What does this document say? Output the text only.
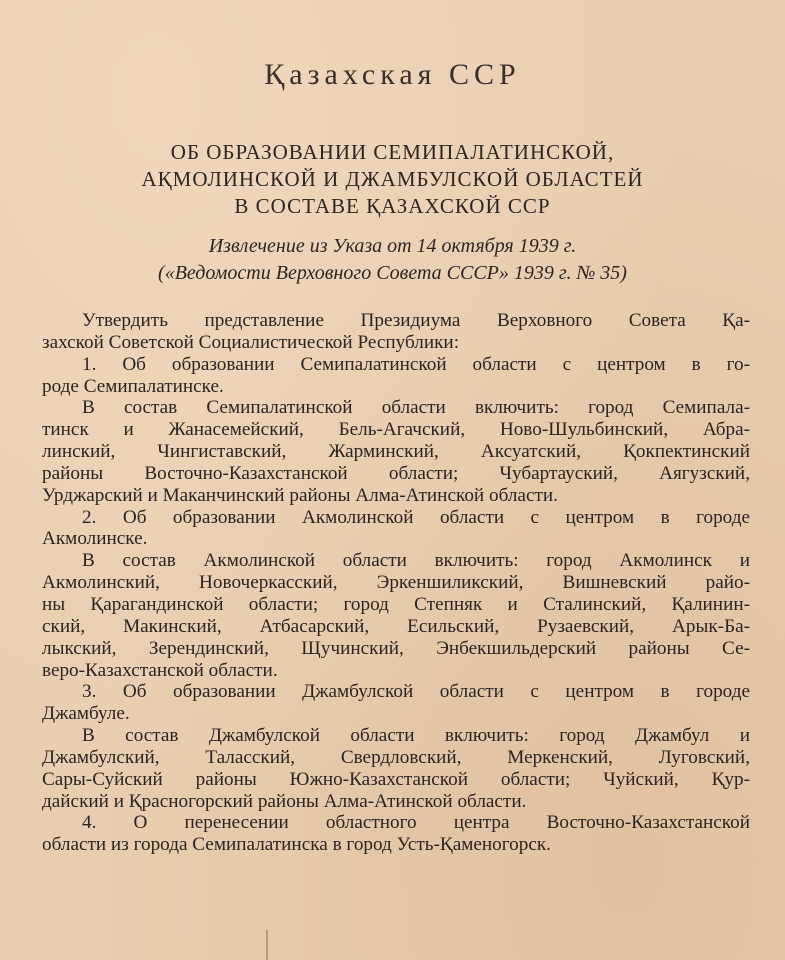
Қазахская ССР
ОБ ОБРАЗОВАНИИ СЕМИПАЛАТИНСКОЙ,
АҚМОЛИНСКОЙ И ДЖАМБУЛСКОЙ ОБЛАСТЕЙ
В СОСТАВЕ ҚАЗАХСКОЙ ССР
Извлечение из Указа от 14 октября 1939 г.
(«Ведомости Верховного Совета СССР» 1939 г. № 35)
Утвердить представление Президиума Верховного Совета Қа-
захской Советской Социалистической Республики:
1. Об образовании Семипалатинской области с центром в го-
роде Семипалатинске.
В состав Семипалатинской области включить: город Семипала-
тинск и Жанасемейский, Бель-Агачский, Ново-Шульбинский, Абра-
линский, Чингиставский, Жарминский, Аксуатский, Қокпектинский
районы Восточно-Казахстанской области; Чубартауский, Аягузский,
Урджарский и Маканчинский районы Алма-Атинской области.
2. Об образовании Акмолинской области с центром в городе
Акмолинске.
В состав Акмолинской области включить: город Акмолинск и
Акмолинский, Новочеркасский, Эркеншиликский, Вишневский райо-
ны Қарагандинской области; город Степняк и Сталинский, Қалинин-
ский, Макинский, Атбасарский, Есильский, Рузаевский, Арык-Ба-
лыкский, Зерендинский, Щучинский, Энбекшильдерский районы Се-
веро-Казахстанской области.
3. Об образовании Джамбулской области с центром в городе
Джамбуле.
В состав Джамбулской области включить: город Джамбул и
Джамбулский, Таласский, Свердловский, Меркенский, Луговский,
Сары-Суйский районы Южно-Казахстанской области; Чуйский, Қур-
дайский и Қрасногорский районы Алма-Атинской области.
4. О перенесении областного центра Восточно-Казахстанской
области из города Семипалатинска в город Усть-Қаменогорск.
